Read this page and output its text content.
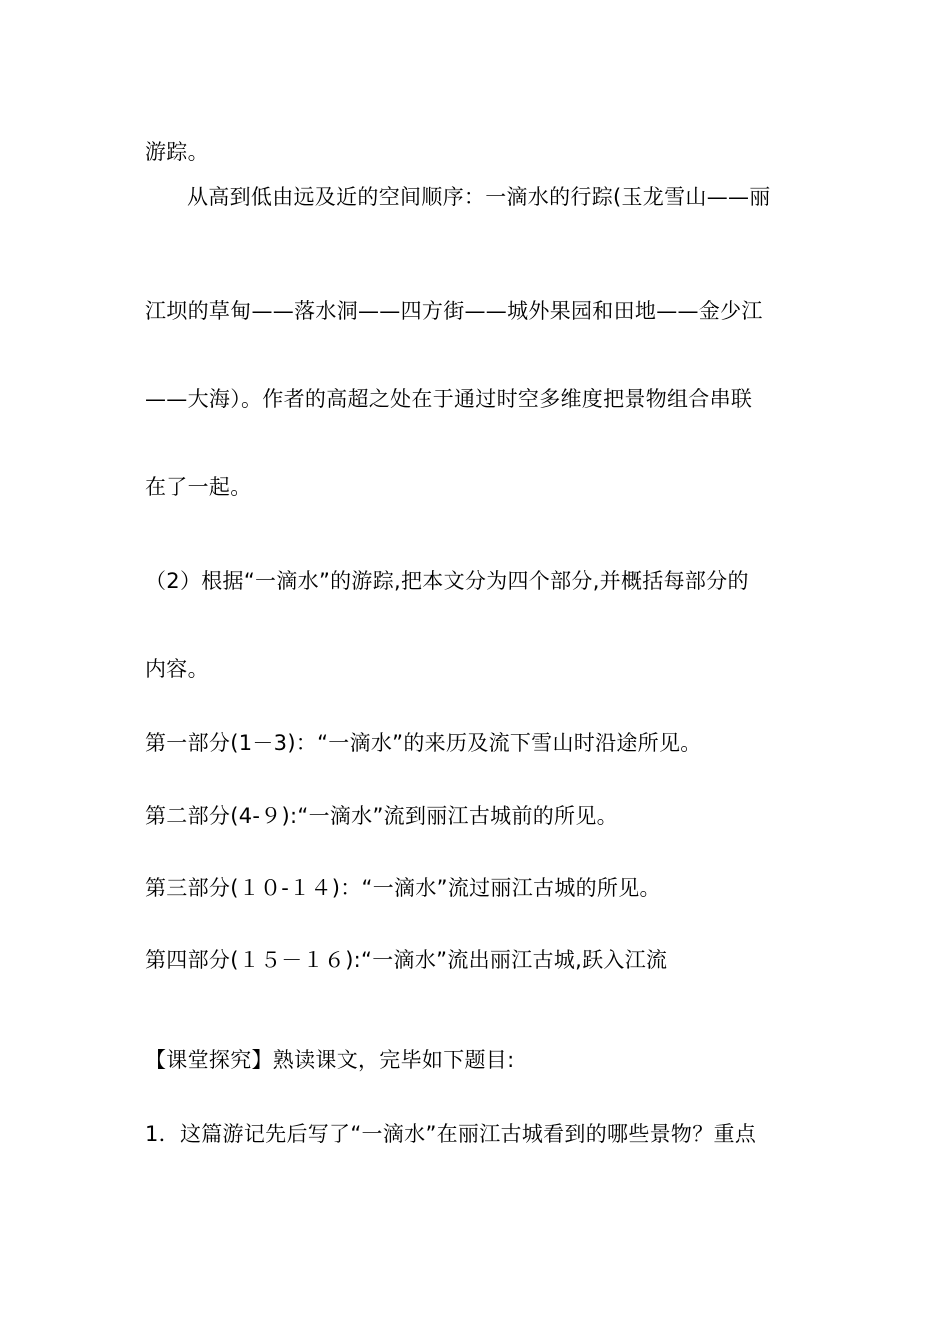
游踪。
从高到低由远及近的空间顺序：一滴水的行踪(玉龙雪山——丽
江坝的草甸——落水洞——四方街——城外果园和田地——金少江
——大海）。作者的高超之处在于通过时空多维度把景物组合串联
在了一起。
（2）根据“一滴水”的游踪,把本文分为四个部分,并概括每部分的
内容。
第一部分(1－3)：“一滴水”的来历及流下雪山时沿途所见。
第二部分(4-９):“一滴水”流到丽江古城前的所见。
第三部分(１０-１４)：“一滴水”流过丽江古城的所见。
第四部分(１５－１６):“一滴水”流出丽江古城,跃入江流
【课堂探究】熟读课文，完毕如下题目:
1．这篇游记先后写了“一滴水”在丽江古城看到的哪些景物？重点
